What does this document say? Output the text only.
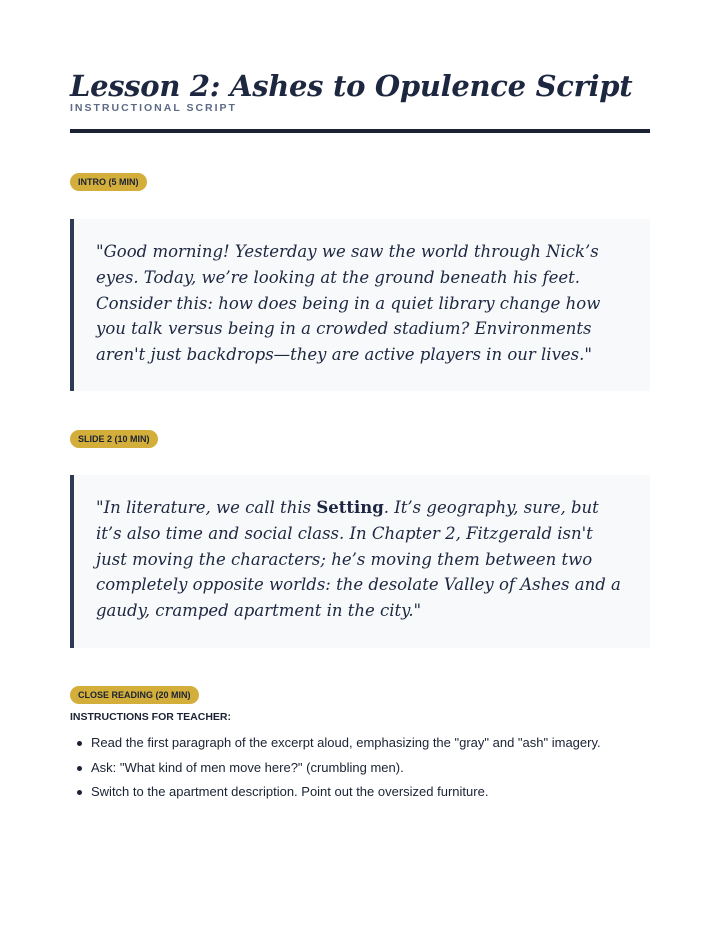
Lesson 2: Ashes to Opulence Script
INSTRUCTIONAL SCRIPT
INTRO (5 MIN)

"Good morning! Yesterday we saw the world through Nick’s eyes. Today, we’re looking at the ground beneath his feet. Consider this: how does being in a quiet library change how you talk versus being in a crowded stadium? Environments aren't just backdrops—they are active players in our lives."

SLIDE 2 (10 MIN)

"In literature, we call this Setting. It’s geography, sure, but it’s also time and social class. In Chapter 2, Fitzgerald isn't just moving the characters; he’s moving them between two completely opposite worlds: the desolate Valley of Ashes and a gaudy, cramped apartment in the city."

CLOSE READING (20 MIN)
INSTRUCTIONS FOR TEACHER:
Read the first paragraph of the excerpt aloud, emphasizing the "gray" and "ash" imagery.
Ask: "What kind of men move here?" (crumbling men).
Switch to the apartment description. Point out the oversized furniture.
